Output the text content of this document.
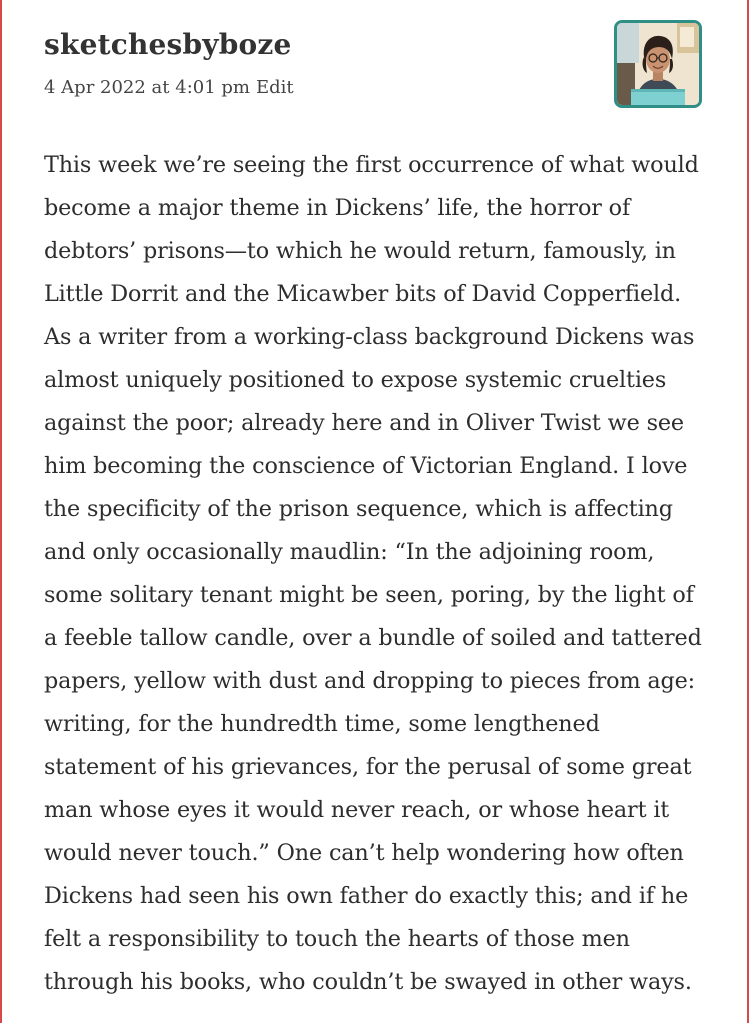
sketchesbyboze
4 Apr 2022 at 4:01 pm Edit

This week we’re seeing the first occurrence of what would become a major theme in Dickens’ life, the horror of debtors’ prisons—to which he would return, famously, in Little Dorrit and the Micawber bits of David Copperfield. As a writer from a working-class background Dickens was almost uniquely positioned to expose systemic cruelties against the poor; already here and in Oliver Twist we see him becoming the conscience of Victorian England. I love the specificity of the prison sequence, which is affecting and only occasionally maudlin: “In the adjoining room, some solitary tenant might be seen, poring, by the light of a feeble tallow candle, over a bundle of soiled and tattered papers, yellow with dust and dropping to pieces from age: writing, for the hundredth time, some lengthened statement of his grievances, for the perusal of some great man whose eyes it would never reach, or whose heart it would never touch.” One can’t help wondering how often Dickens had seen his own father do exactly this; and if he felt a responsibility to touch the hearts of those men through his books, who couldn’t be swayed in other ways.
